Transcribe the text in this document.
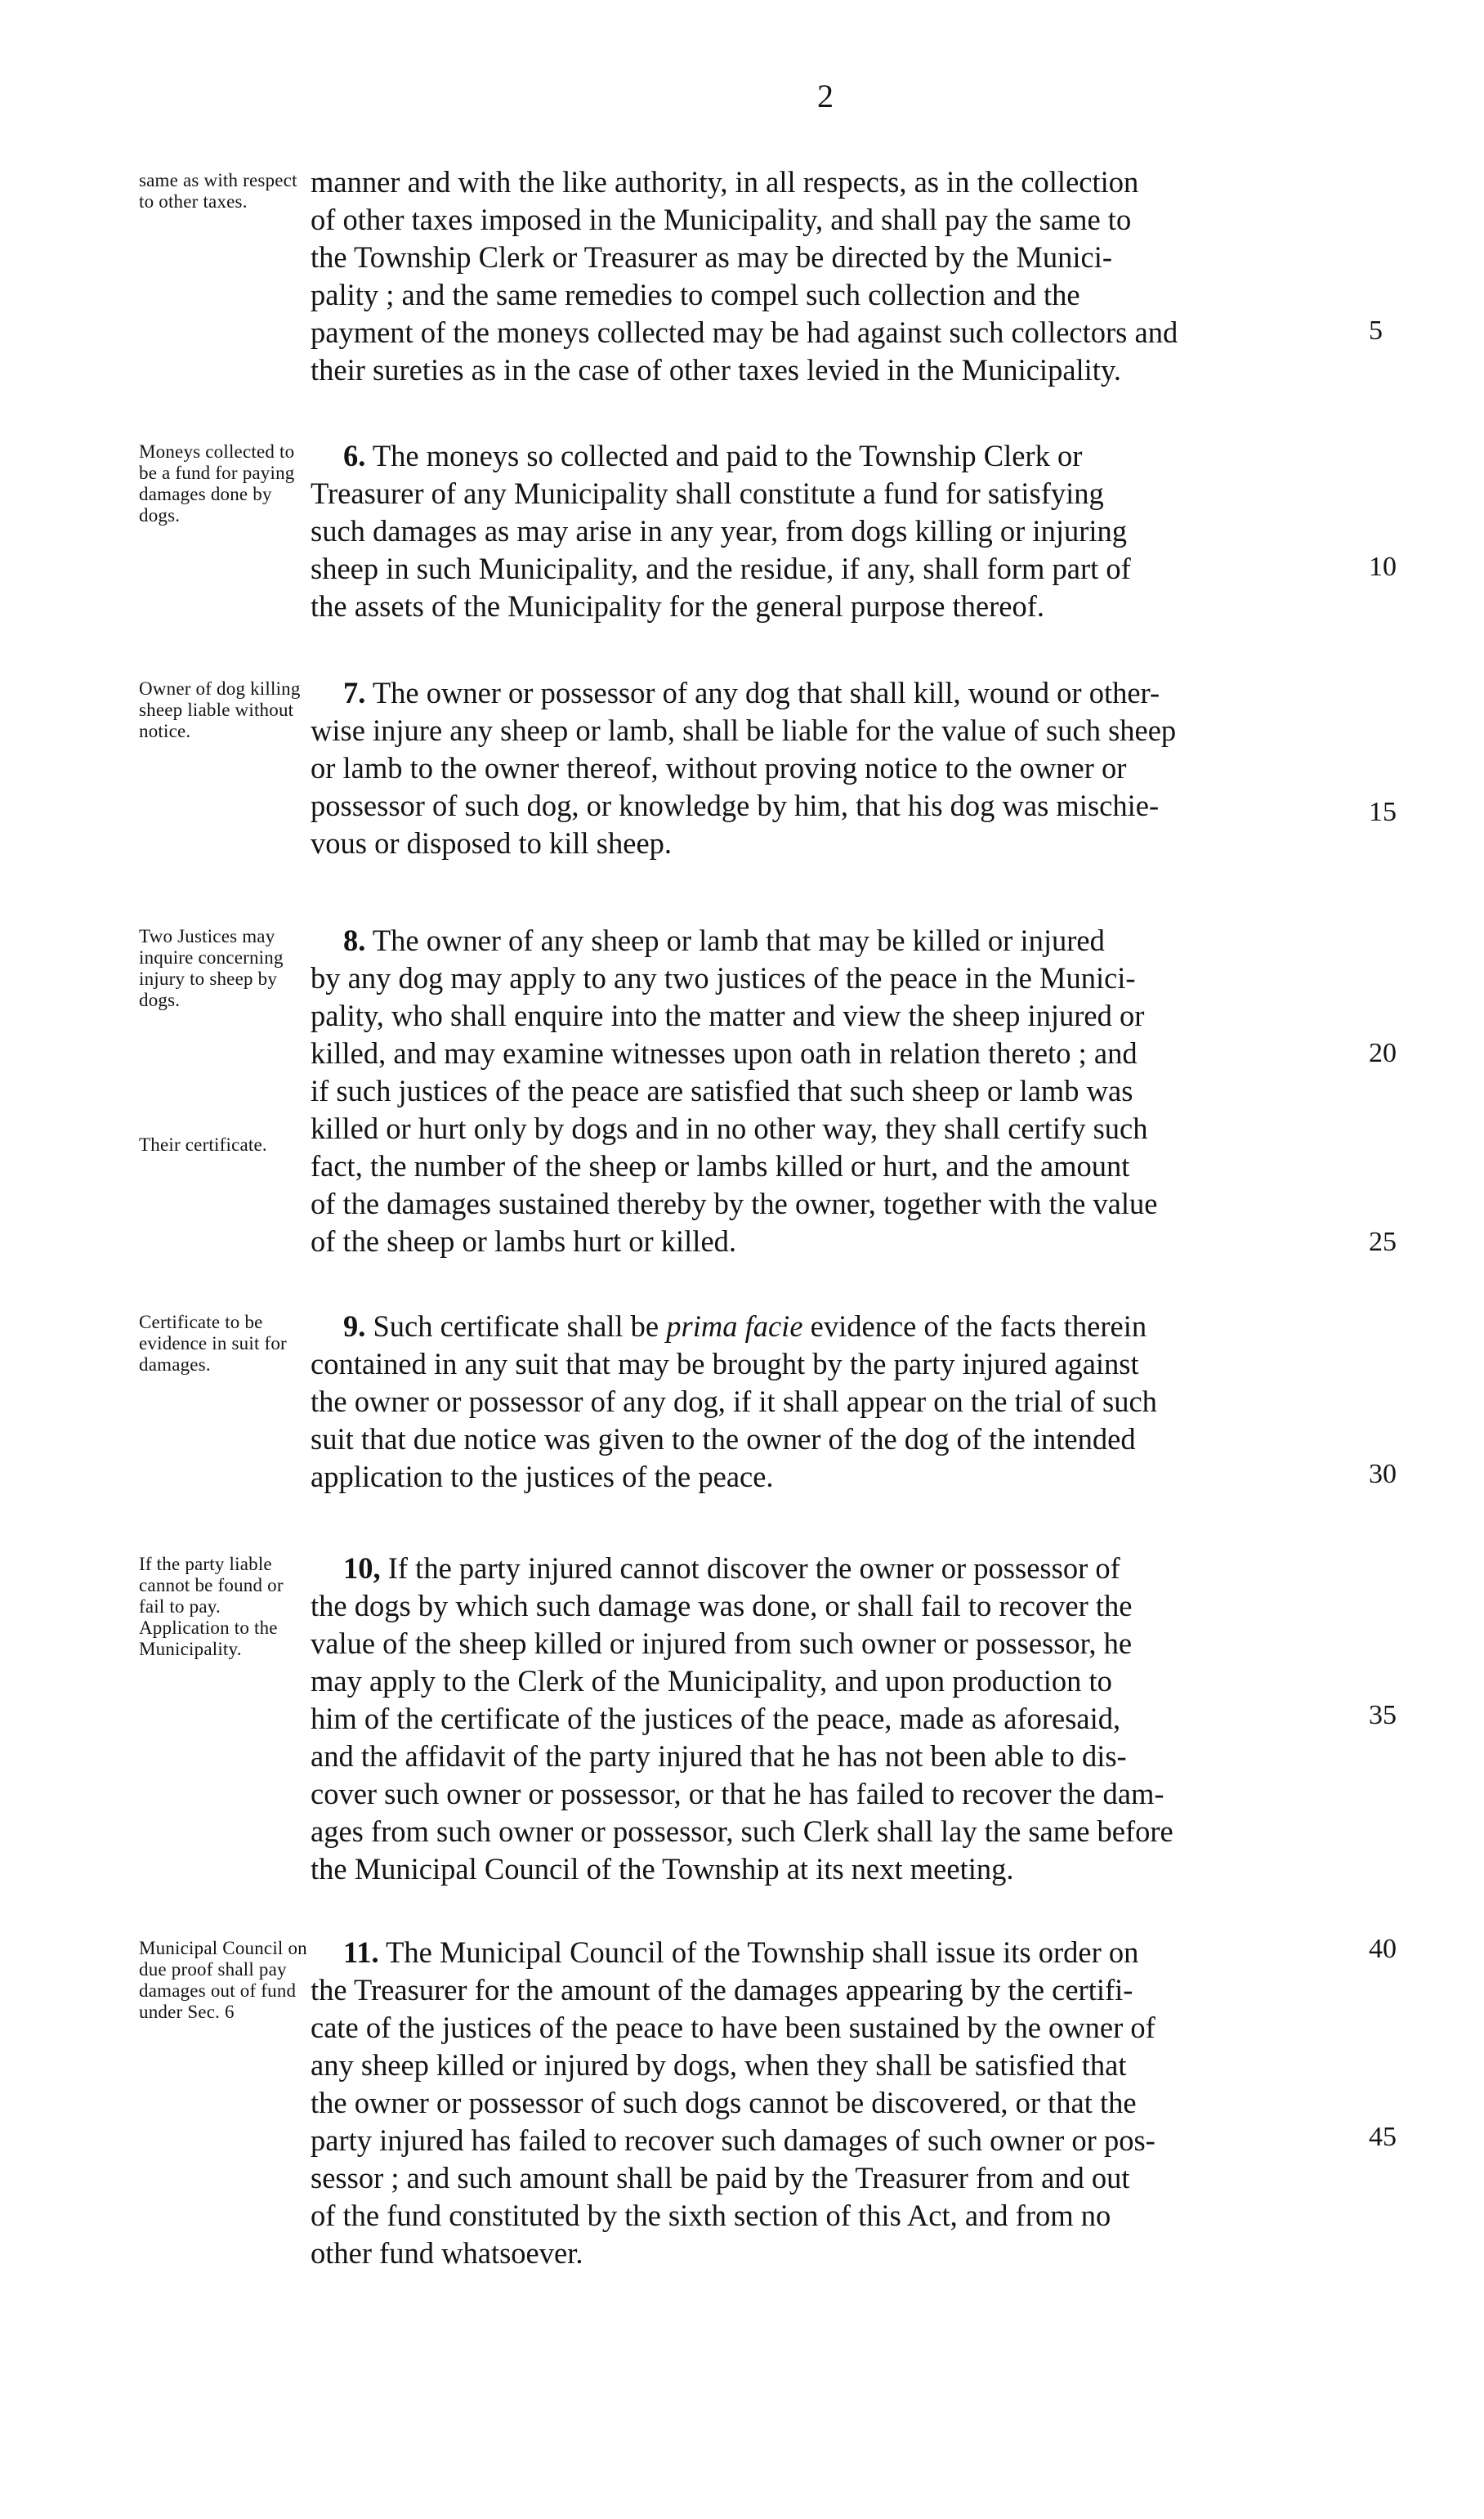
2
same as with respect to other taxes.
manner and with the like authority, in all respects, as in the collection
of other taxes imposed in the Municipality, and shall pay the same to
the Township Clerk or Treasurer as may be directed by the Munici-
pality ; and the same remedies to compel such collection and the
payment of the moneys collected may be had against such collectors and
their sureties as in the case of other taxes levied in the Municipality.
5
Moneys collected to be a fund for paying damages done by dogs.
6. The moneys so collected and paid to the Township Clerk or
Treasurer of any Municipality shall constitute a fund for satisfying
such damages as may arise in any year, from dogs killing or injuring
sheep in such Municipality, and the residue, if any, shall form part of
the assets of the Municipality for the general purpose thereof.
10
Owner of dog killing sheep liable without notice.
7. The owner or possessor of any dog that shall kill, wound or other-
wise injure any sheep or lamb, shall be liable for the value of such sheep
or lamb to the owner thereof, without proving notice to the owner or
possessor of such dog, or knowledge by him, that his dog was mischie-
vous or disposed to kill sheep.
15
Two Justices may inquire concerning injury to sheep by dogs.
Their certificate.
8. The owner of any sheep or lamb that may be killed or injured
by any dog may apply to any two justices of the peace in the Munici-
pality, who shall enquire into the matter and view the sheep injured or
killed, and may examine witnesses upon oath in relation thereto ; and
if such justices of the peace are satisfied that such sheep or lamb was
killed or hurt only by dogs and in no other way, they shall certify such
fact, the number of the sheep or lambs killed or hurt, and the amount
of the damages sustained thereby by the owner, together with the value
of the sheep or lambs hurt or killed.
20
25
Certificate to be evidence in suit for damages.
9. Such certificate shall be prima facie evidence of the facts therein
contained in any suit that may be brought by the party injured against
the owner or possessor of any dog, if it shall appear on the trial of such
suit that due notice was given to the owner of the dog of the intended
application to the justices of the peace.	30
If the party liable cannot be found or fail to pay. Application to the Municipality.
10, If the party injured cannot discover the owner or possessor of
the dogs by which such damage was done, or shall fail to recover the
value of the sheep killed or injured from such owner or possessor, he
may apply to the Clerk of the Municipality, and upon production to
him of the certificate of the justices of the peace, made as aforesaid,
and the affidavit of the party injured that he has not been able to dis-
cover such owner or possessor, or that he has failed to recover the dam-
ages from such owner or possessor, such Clerk shall lay the same before
the Municipal Council of the Township at its next meeting.
35
Municipal Council on due proof shall pay damages out of fund under Sec. 6
11. The Municipal Council of the Township shall issue its order on
the Treasurer for the amount of the damages appearing by the certifi-
cate of the justices of the peace to have been sustained by the owner of
any sheep killed or injured by dogs, when they shall be satisfied that
the owner or possessor of such dogs cannot be discovered, or that the
party injured has failed to recover such damages of such owner or pos-
sessor ; and such amount shall be paid by the Treasurer from and out
of the fund constituted by the sixth section of this Act, and from no
other fund whatsoever.
40
45
